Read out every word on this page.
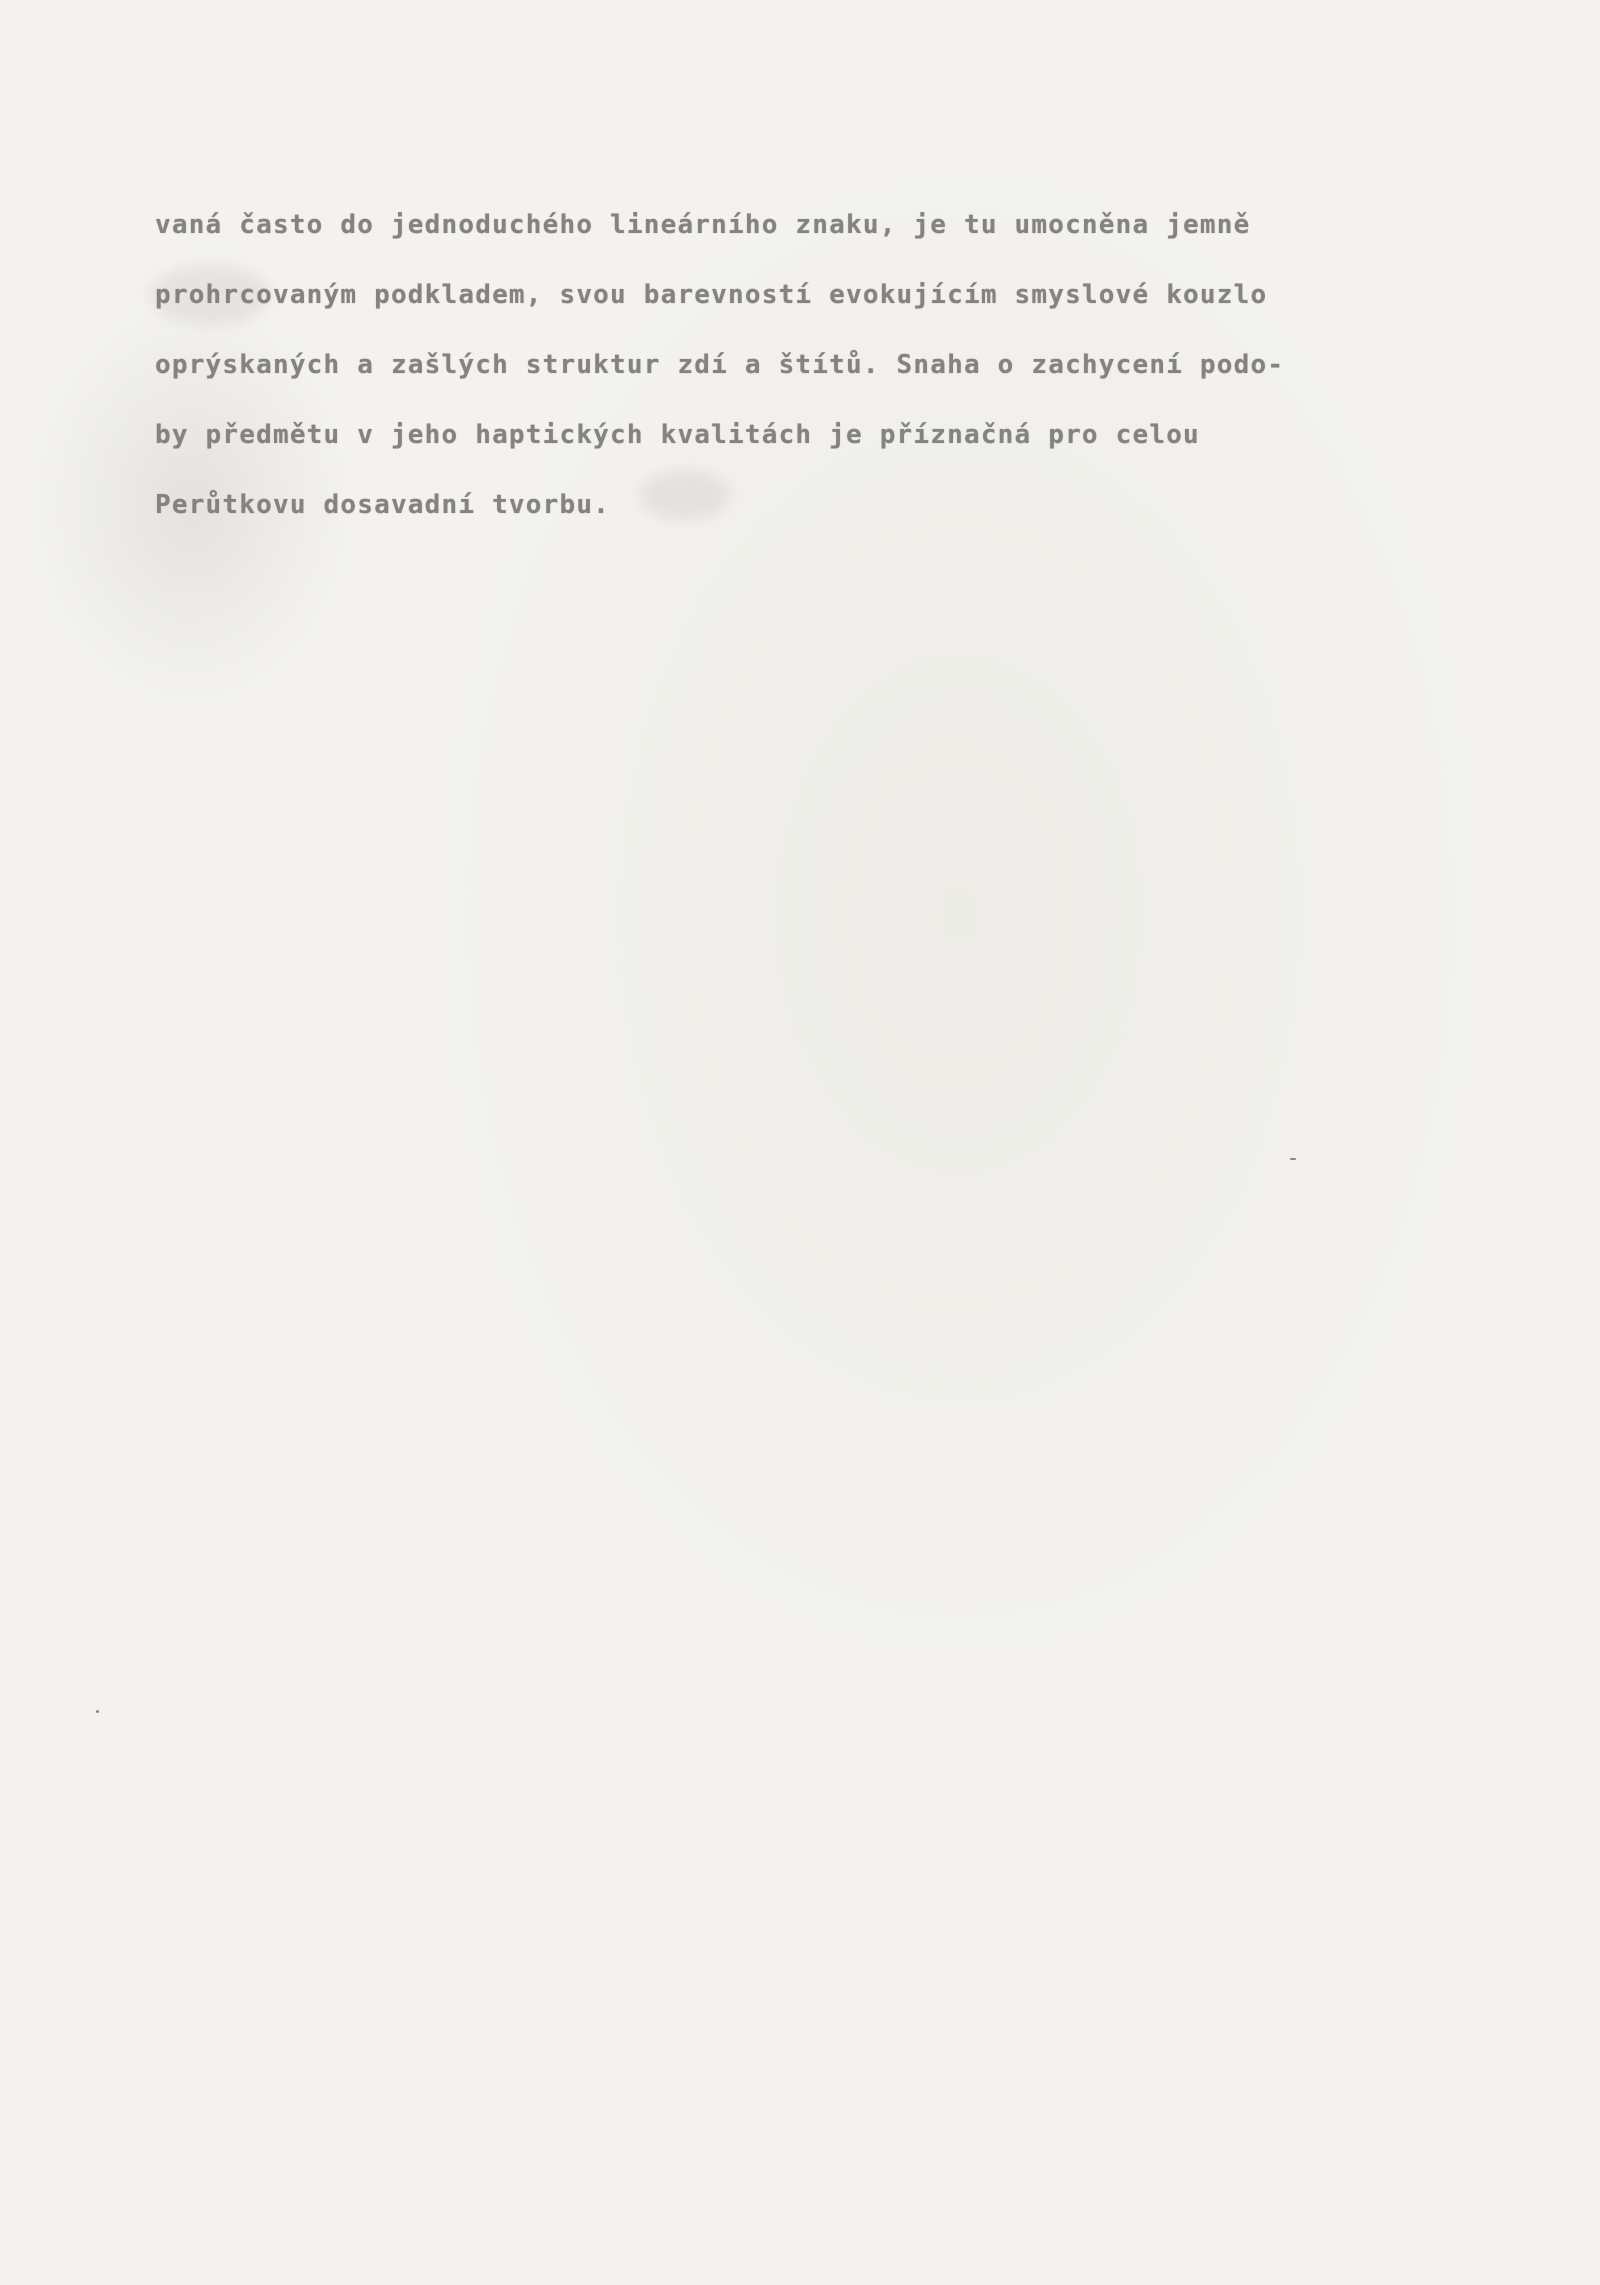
vaná často do jednoduchého lineárního znaku, je tu umocněna jemně
prohrcovaným podkladem, svou barevností evokujícím smyslové kouzlo
oprýskaných a zašlých struktur zdí a štítů. Snaha o zachycení podo-
by předmětu v jeho haptických kvalitách je příznačná pro celou
Perůtkovu dosavadní tvorbu.
